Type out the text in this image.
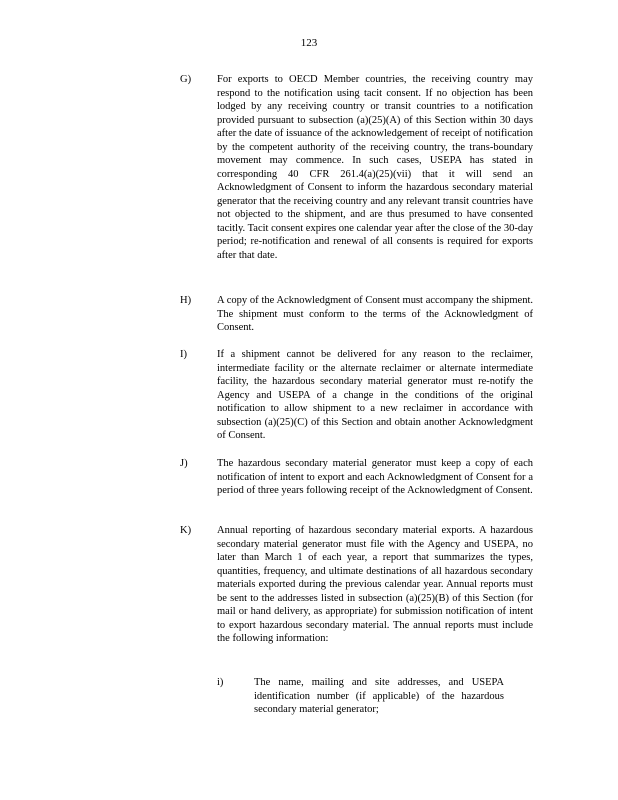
123
G) For exports to OECD Member countries, the receiving country may respond to the notification using tacit consent. If no objection has been lodged by any receiving country or transit countries to a notification provided pursuant to subsection (a)(25)(A) of this Section within 30 days after the date of issuance of the acknowledgement of receipt of notification by the competent authority of the receiving country, the trans-boundary movement may commence. In such cases, USEPA has stated in corresponding 40 CFR 261.4(a)(25)(vii) that it will send an Acknowledgment of Consent to inform the hazardous secondary material generator that the receiving country and any relevant transit countries have not objected to the shipment, and are thus presumed to have consented tacitly. Tacit consent expires one calendar year after the close of the 30-day period; re-notification and renewal of all consents is required for exports after that date.
H) A copy of the Acknowledgment of Consent must accompany the shipment. The shipment must conform to the terms of the Acknowledgment of Consent.
I)	If a shipment cannot be delivered for any reason to the reclaimer, intermediate facility or the alternate reclaimer or alternate intermediate facility, the hazardous secondary material generator must re-notify the Agency and USEPA of a change in the conditions of the original notification to allow shipment to a new reclaimer in accordance with subsection (a)(25)(C) of this Section and obtain another Acknowledgment of Consent.
J)	The hazardous secondary material generator must keep a copy of each notification of intent to export and each Acknowledgment of Consent for a period of three years following receipt of the Acknowledgment of Consent.
K) Annual reporting of hazardous secondary material exports. A hazardous secondary material generator must file with the Agency and USEPA, no later than March 1 of each year, a report that summarizes the types, quantities, frequency, and ultimate destinations of all hazardous secondary materials exported during the previous calendar year. Annual reports must be sent to the addresses listed in subsection (a)(25)(B) of this Section (for mail or hand delivery, as appropriate) for submission notification of intent to export hazardous secondary material. The annual reports must include the following information:
i)	The name, mailing and site addresses, and USEPA identification number (if applicable) of the hazardous secondary material generator;
